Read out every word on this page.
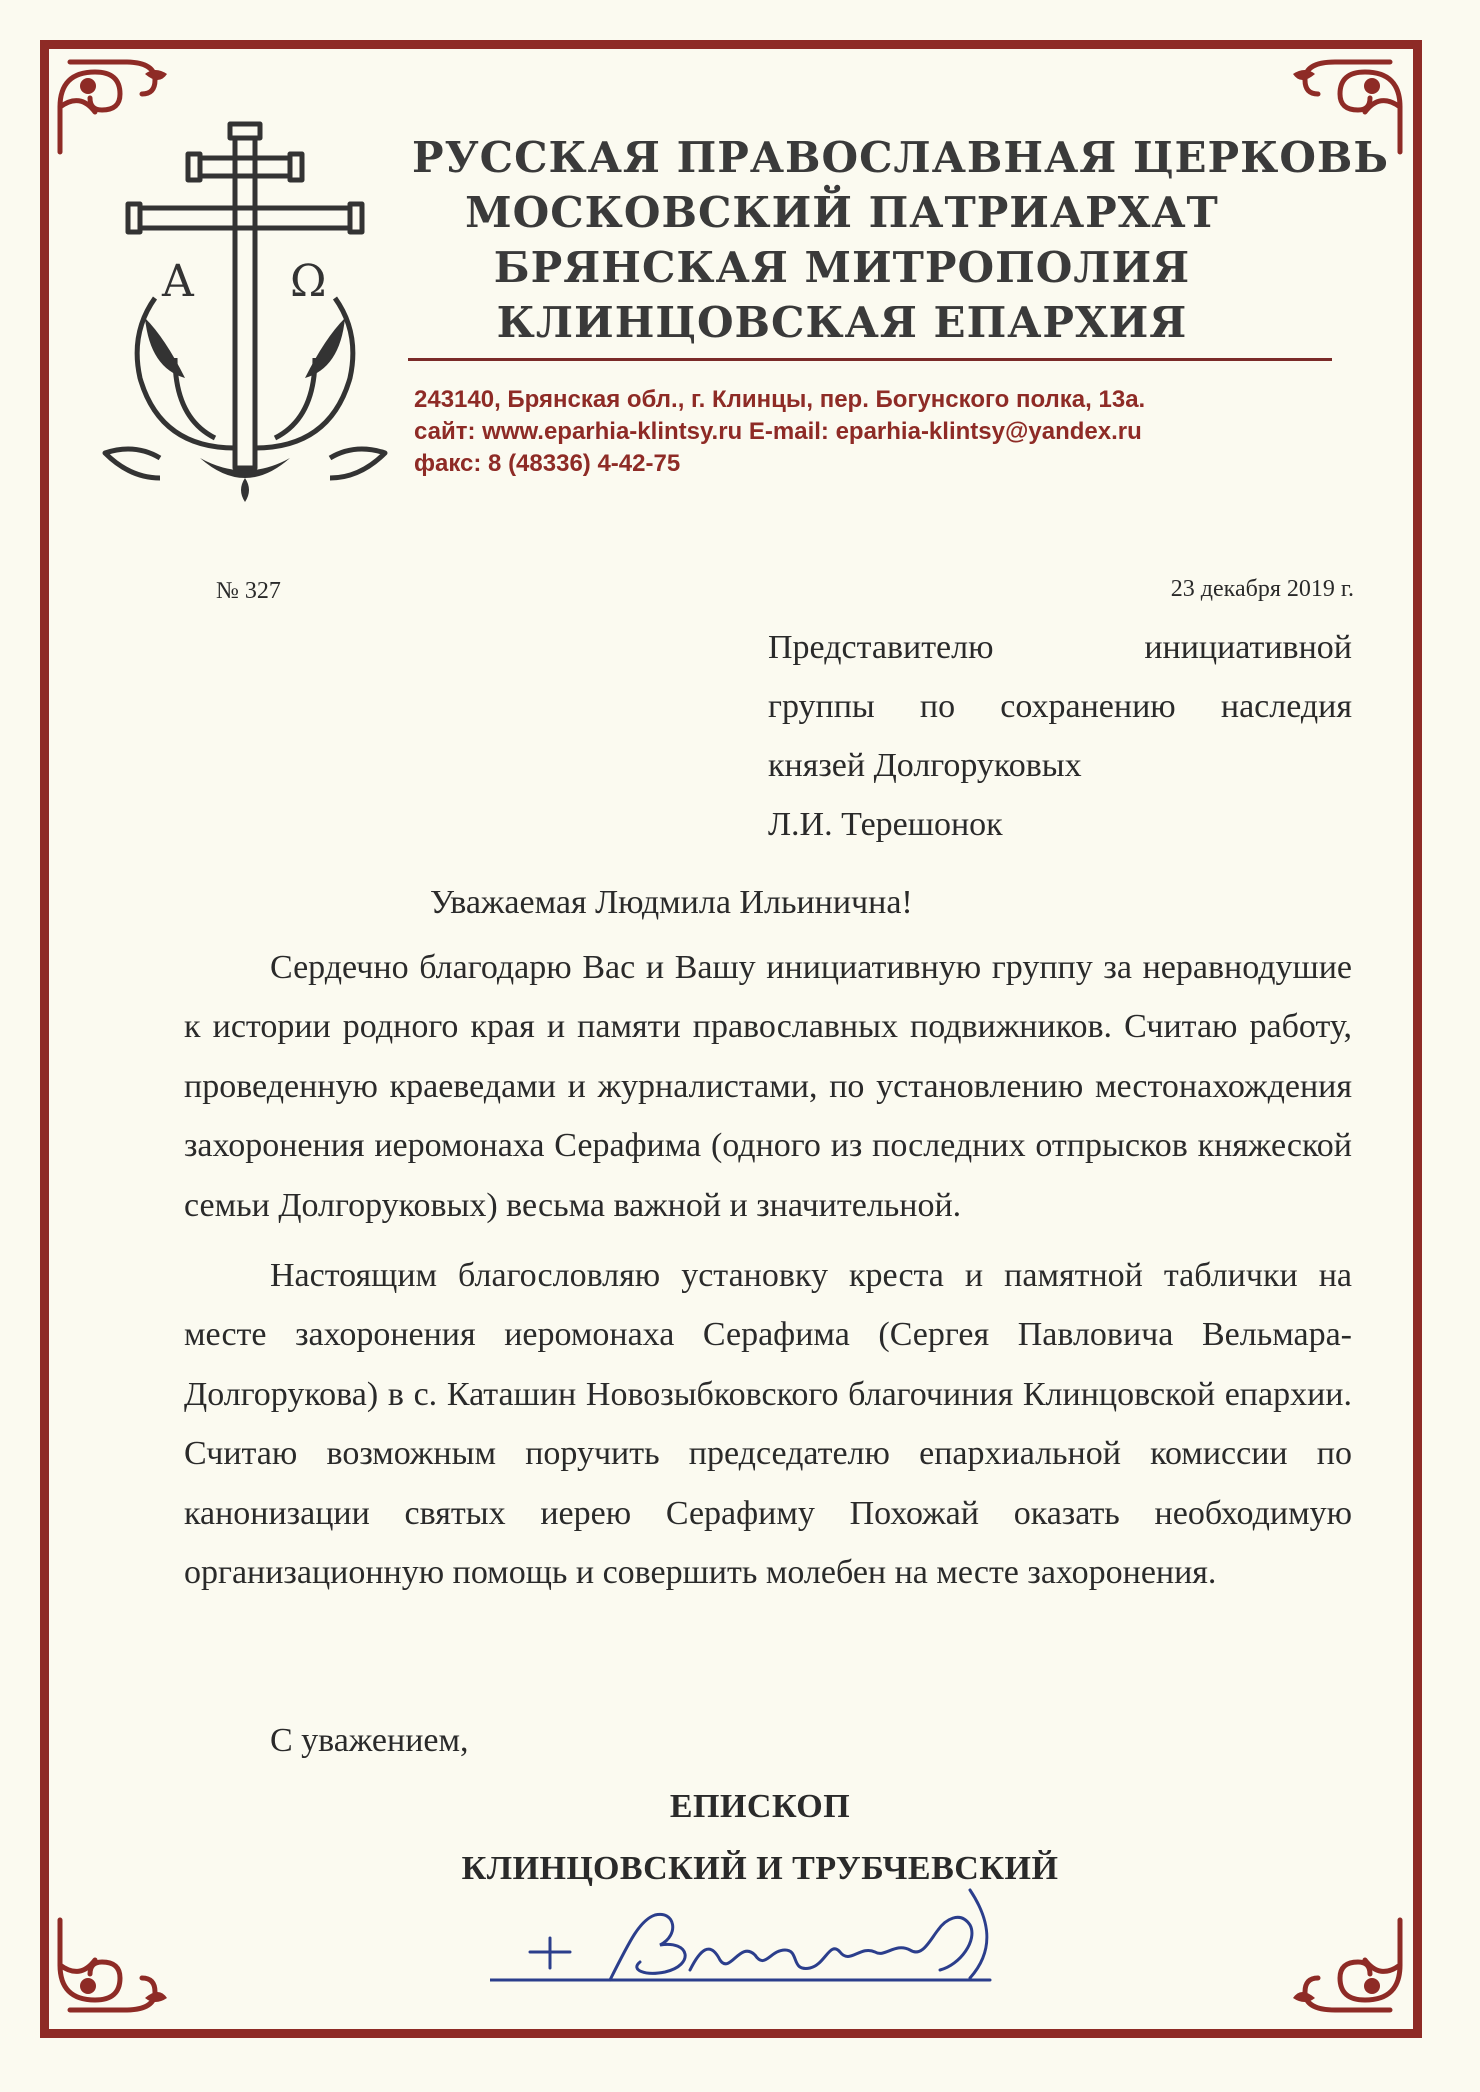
Α Ω
РУССКАЯ ПРАВОСЛАВНАЯ ЦЕРКОВЬ
МОСКОВСКИЙ ПАТРИАРХАТ
БРЯНСКАЯ МИТРОПОЛИЯ
КЛИНЦОВСКАЯ ЕПАРХИЯ
243140, Брянская обл., г. Клинцы, пер. Богунского полка, 13а.
сайт: www.eparhia-klintsy.ru E-mail: eparhia-klintsy@yandex.ru
факс: 8 (48336) 4-42-75
№ 327	23 декабря 2019 г.
Представителю инициативной
группы по сохранению наследия
князей Долгоруковых
Л.И. Терешонок
Уважаемая Людмила Ильинична!

Сердечно благодарю Вас и Вашу инициативную группу за неравнодушие к истории родного края и памяти православных подвижников. Считаю работу, проведенную краеведами и журналистами, по установлению местонахождения захоронения иеромонаха Серафима (одного из последних отпрысков княжеской семьи Долгоруковых) весьма важной и значительной.

Настоящим благословляю установку креста и памятной таблички на месте захоронения иеромонаха Серафима (Сергея Павловича Вельмара-Долгорукова) в с. Каташин Новозыбковского благочиния Клинцовской епархии. Считаю возможным поручить председателю епархиальной комиссии по канонизации святых иерею Серафиму Похожай оказать необходимую организационную помощь и совершить молебен на месте захоронения.

С уважением,
ЕПИСКОП
КЛИНЦОВСКИЙ И ТРУБЧЕВСКИЙ
